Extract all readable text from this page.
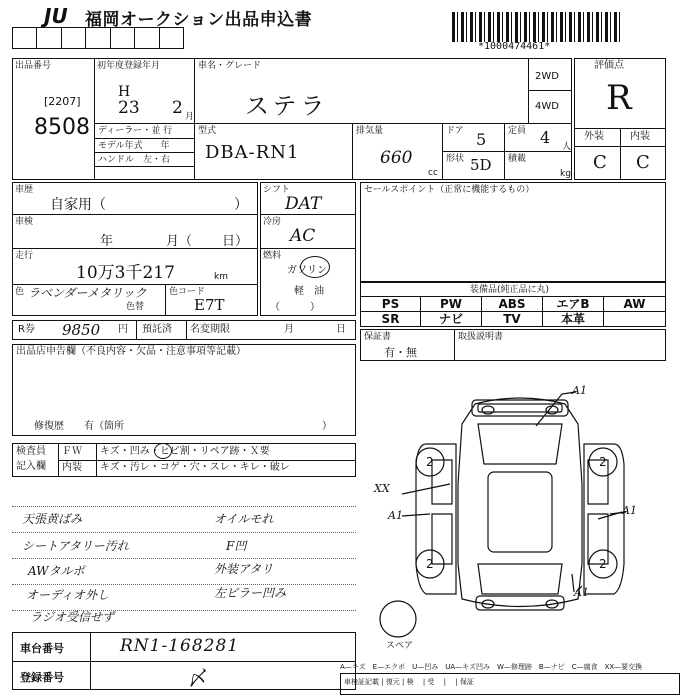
JU 福岡オークション出品申込書
*1000474461*
出品番号
[2207]
8508
初年度登録年月
H
23 2 月
車名・グレード
ステラ
2WD
4WD
ディーラー・並 行
モデル年式　　年
ハンドル　左・右
型式
DBA-RN1
排気量
660
cc
ドア 5
形状 5D
定員 4 人
積載
kg
評価点
R
外装	内装
C C
車歴
自家用（	）
車検
年	月（ 日）
走行
10万3千217	km
色 ラベンダーメタリック
色替
色コード
E7T
シフト
DAT
冷房
AC
燃料
ガソリン
軽　油
（　　　）
セールスポイント（正常に機能するもの）
装備品(純正品に丸)
PS	PW	ABS	エアB	AW
SR	ナビ	TV	本革
保証書
有・無
取扱説明書
R券 9850 円 預託済 名変期限	月	日
出品店申告欄（不良内容・欠品・注意事項等記載）
修復歴　　有（箇所	）
検査員
記入欄
ＦＷ キズ・凹み・ヒビ割・リペア跡・Ｘ要
内装 キズ・汚レ・コゲ・穴・スレ・キレ・破レ
天張黄ばみ
シートアタリー汚れ
AWタルポ
オーディオ外し
ラジオ受信せず
オイルモれ
F凹
外装アタリ
左ピラー凹み
車台番号	RN1-168281
登録番号	〆
A1
A1
XX
A1
A1
2	2
2	2
スペア
A—キズ　E—エクボ　U—凹み　UA—キズ凹み　W—修理跡　B—ナビ　C—腐食　XX—要交換
車検証記載 | 復元 | 検　 | 受　 |　 | 保証
